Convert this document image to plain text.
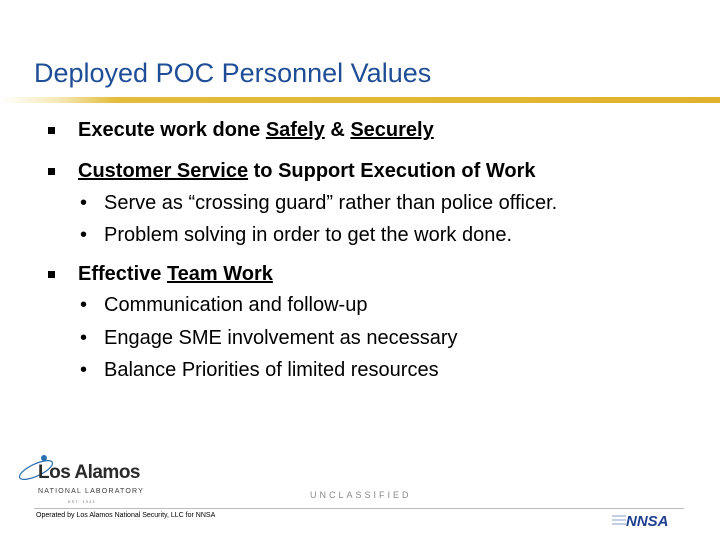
Deployed POC Personnel Values
Execute work done Safely & Securely
Customer Service to Support Execution of Work
• Serve as “crossing guard” rather than police officer.
• Problem solving in order to get the work done.
Effective Team Work
• Communication and follow-up
• Engage SME involvement as necessary
• Balance Priorities of limited resources
Los Alamos
NATIONAL LABORATORY
EST. 1943
UNCLASSIFIED
Operated by Los Alamos National Security, LLC for NNSA	NNSA
